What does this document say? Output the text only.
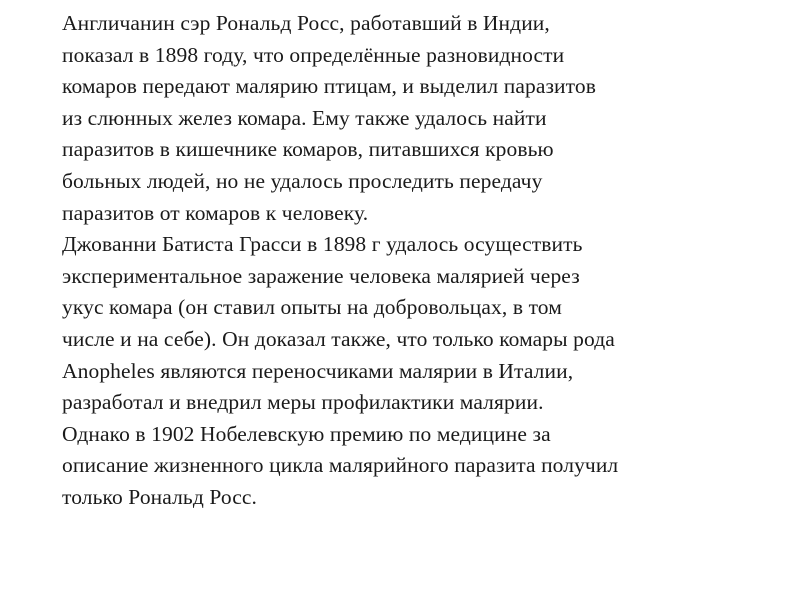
Англичанин сэр Рональд Росс, работавший в Индии,
показал в 1898 году, что определённые разновидности
комаров передают малярию птицам, и выделил паразитов
из слюнных желез комара. Ему также удалось найти
паразитов в кишечнике комаров, питавшихся кровью
больных людей, но не удалось проследить передачу
паразитов от комаров к человеку.
Джованни Батиста Грасси в 1898 г удалось осуществить
экспериментальное заражение человека малярией через
укус комара (он ставил опыты на добровольцах, в том
числе и на себе). Он доказал также, что только комары рода
Anopheles являются переносчиками малярии в Италии,
разработал и внедрил меры профилактики малярии.
Однако в 1902 Нобелевскую премию по медицине за
описание жизненного цикла малярийного паразита получил
только Рональд Росс.
